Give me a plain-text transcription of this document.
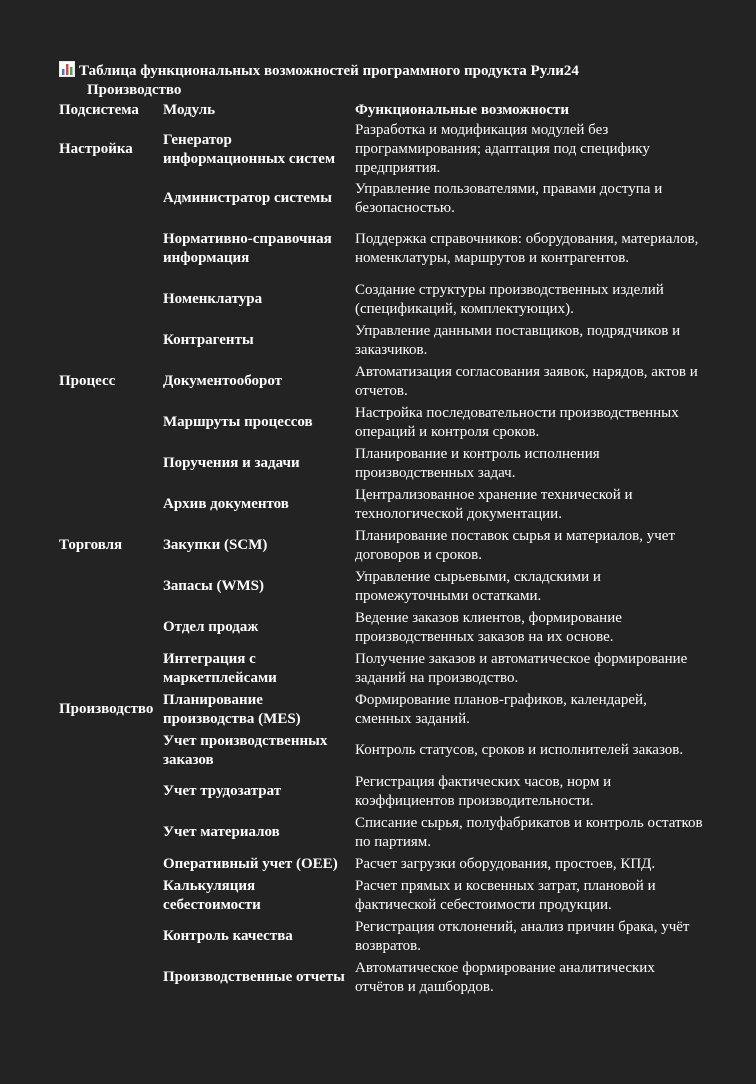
Таблица функциональных возможностей программного продукта Рули24
Производство
Подсистема	Модуль	Функциональные возможности
Настройка	Генератор информационных систем	Разработка и модификация модулей без программирования; адаптация под специфику предприятия.
	Администратор системы	Управление пользователями, правами доступа и безопасностью.
	Нормативно-справочная информация	Поддержка справочников: оборудования, материалов, номенклатуры, маршрутов и контрагентов.
	Номенклатура	Создание структуры производственных изделий (спецификаций, комплектующих).
	Контрагенты	Управление данными поставщиков, подрядчиков и заказчиков.
Процесс	Документооборот	Автоматизация согласования заявок, нарядов, актов и отчетов.
	Маршруты процессов	Настройка последовательности производственных операций и контроля сроков.
	Поручения и задачи	Планирование и контроль исполнения производственных задач.
	Архив документов	Централизованное хранение технической и технологической документации.
Торговля	Закупки (SCM)	Планирование поставок сырья и материалов, учет договоров и сроков.
	Запасы (WMS)	Управление сырьевыми, складскими и промежуточными остатками.
	Отдел продаж	Ведение заказов клиентов, формирование производственных заказов на их основе.
	Интеграция с маркетплейсами	Получение заказов и автоматическое формирование заданий на производство.
Производство	Планирование производства (MES)	Формирование планов-графиков, календарей, сменных заданий.
	Учет производственных заказов	Контроль статусов, сроков и исполнителей заказов.
	Учет трудозатрат	Регистрация фактических часов, норм и коэффициентов производительности.
	Учет материалов	Списание сырья, полуфабрикатов и контроль остатков по партиям.
	Оперативный учет (OEE)	Расчет загрузки оборудования, простоев, КПД.
	Калькуляция себестоимости	Расчет прямых и косвенных затрат, плановой и фактической себестоимости продукции.
	Контроль качества	Регистрация отклонений, анализ причин брака, учёт возвратов.
	Производственные отчеты	Автоматическое формирование аналитических отчётов и дашбордов.
